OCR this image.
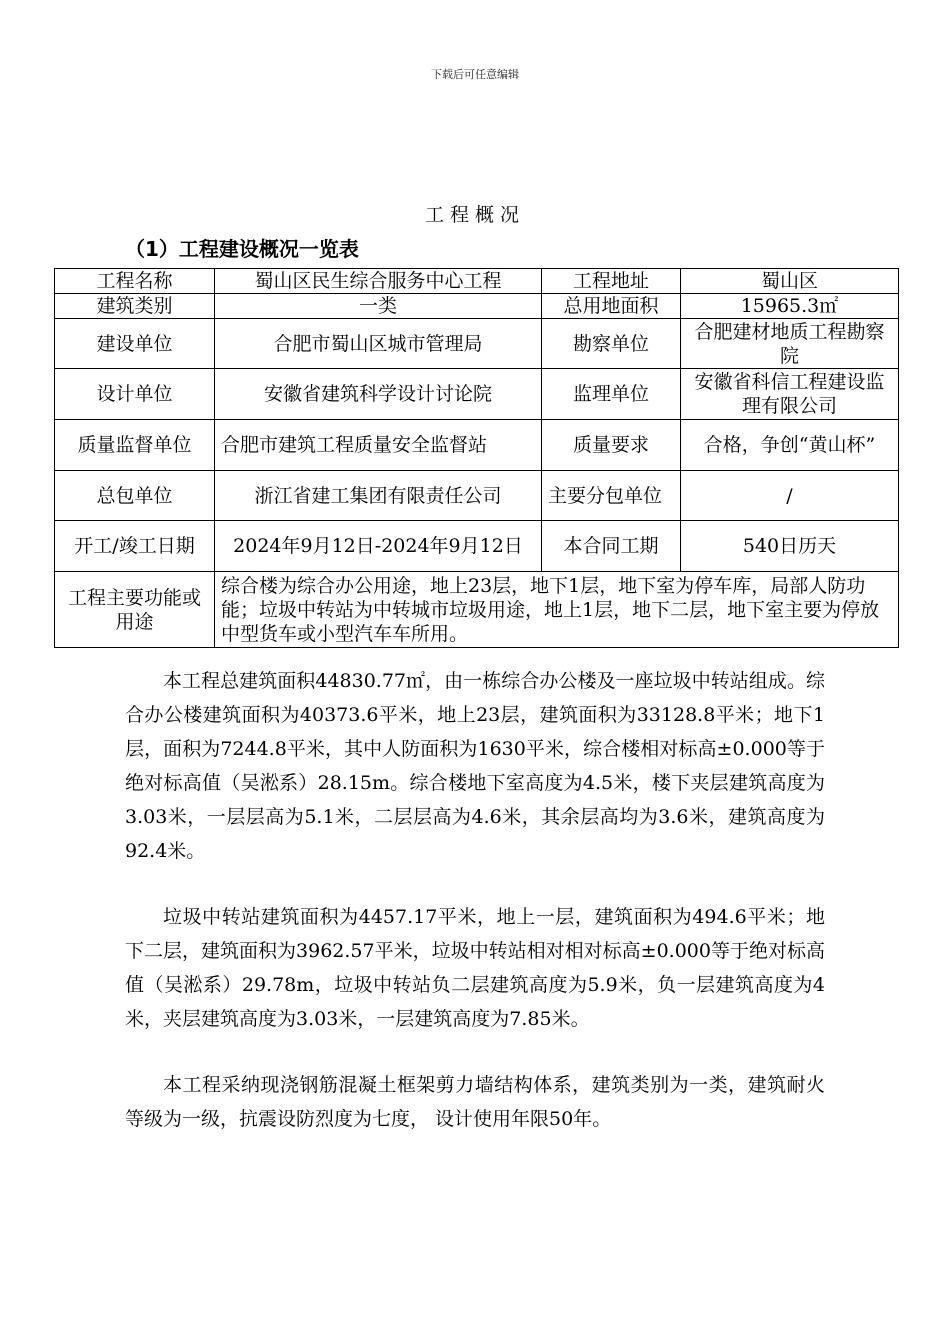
下载后可任意编辑
工程概况
（1）工程建设概况一览表
工程名称	蜀山区民生综合服务中心工程	工程地址	蜀山区
建筑类别	一类	总用地面积	15965.3㎡
建设单位	合肥市蜀山区城市管理局	勘察单位	合肥建材地质工程勘察院
设计单位	安徽省建筑科学设计讨论院	监理单位	安徽省科信工程建设监理有限公司
质量监督单位	合肥市建筑工程质量安全监督站	质量要求	合格，争创“黄山杯”
总包单位	浙江省建工集团有限责任公司	主要分包单位	/
开工/竣工日期	2024年9月12日-2024年9月12日	本合同工期	540日历天
工程主要功能或用途	综合楼为综合办公用途，地上23层，地下1层，地下室为停车库，局部人防功能；垃圾中转站为中转城市垃圾用途，地上1层，地下二层，地下室主要为停放中型货车或小型汽车车所用。		

本工程总建筑面积44830.77㎡，由一栋综合办公楼及一座垃圾中转站组成。综合办公楼建筑面积为40373.6平米，地上23层，建筑面积为33128.8平米；地下1层，面积为7244.8平米，其中人防面积为1630平米，综合楼相对标高±0.000等于绝对标高值（吴淞系）28.15m。综合楼地下室高度为4.5米，楼下夹层建筑高度为3.03米，一层层高为5.1米，二层层高为4.6米，其余层高均为3.6米，建筑高度为92.4米。

垃圾中转站建筑面积为4457.17平米，地上一层，建筑面积为494.6平米；地下二层，建筑面积为3962.57平米，垃圾中转站相对相对标高±0.000等于绝对标高值（吴淞系）29.78m，垃圾中转站负二层建筑高度为5.9米，负一层建筑高度为4米，夹层建筑高度为3.03米，一层建筑高度为7.85米。

本工程采纳现浇钢筋混凝土框架剪力墙结构体系，建筑类别为一类，建筑耐火等级为一级，抗震设防烈度为七度， 设计使用年限50年。
